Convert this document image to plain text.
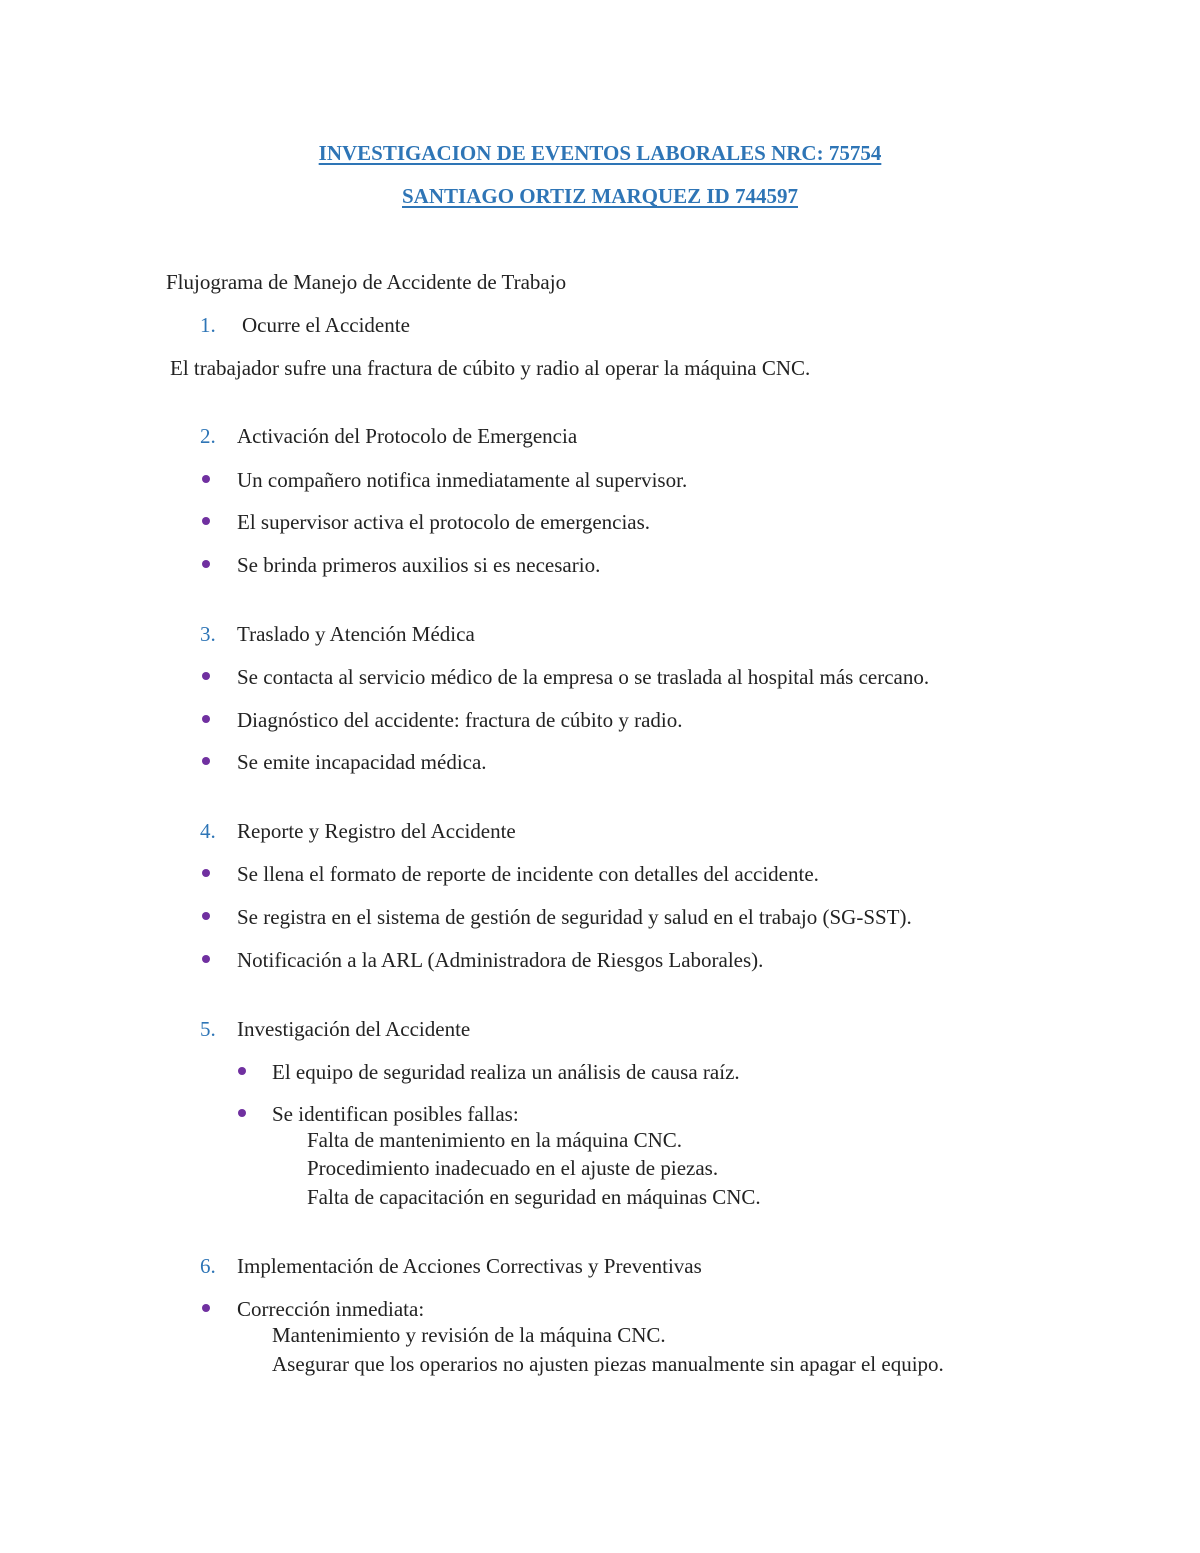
INVESTIGACION DE EVENTOS LABORALES NRC: 75754
SANTIAGO ORTIZ MARQUEZ ID 744597
Flujograma de Manejo de Accidente de Trabajo
1. Ocurre el Accidente
El trabajador sufre una fractura de cúbito y radio al operar la máquina CNC.
2. Activación del Protocolo de Emergencia
Un compañero notifica inmediatamente al supervisor.
El supervisor activa el protocolo de emergencias.
Se brinda primeros auxilios si es necesario.
3. Traslado y Atención Médica
Se contacta al servicio médico de la empresa o se traslada al hospital más cercano.
Diagnóstico del accidente: fractura de cúbito y radio.
Se emite incapacidad médica.
4. Reporte y Registro del Accidente
Se llena el formato de reporte de incidente con detalles del accidente.
Se registra en el sistema de gestión de seguridad y salud en el trabajo (SG-SST).
Notificación a la ARL (Administradora de Riesgos Laborales).
5. Investigación del Accidente
El equipo de seguridad realiza un análisis de causa raíz.
Se identifican posibles fallas:
Falta de mantenimiento en la máquina CNC.
Procedimiento inadecuado en el ajuste de piezas.
Falta de capacitación en seguridad en máquinas CNC.
6. Implementación de Acciones Correctivas y Preventivas
Corrección inmediata:
Mantenimiento y revisión de la máquina CNC.
Asegurar que los operarios no ajusten piezas manualmente sin apagar el equipo.
